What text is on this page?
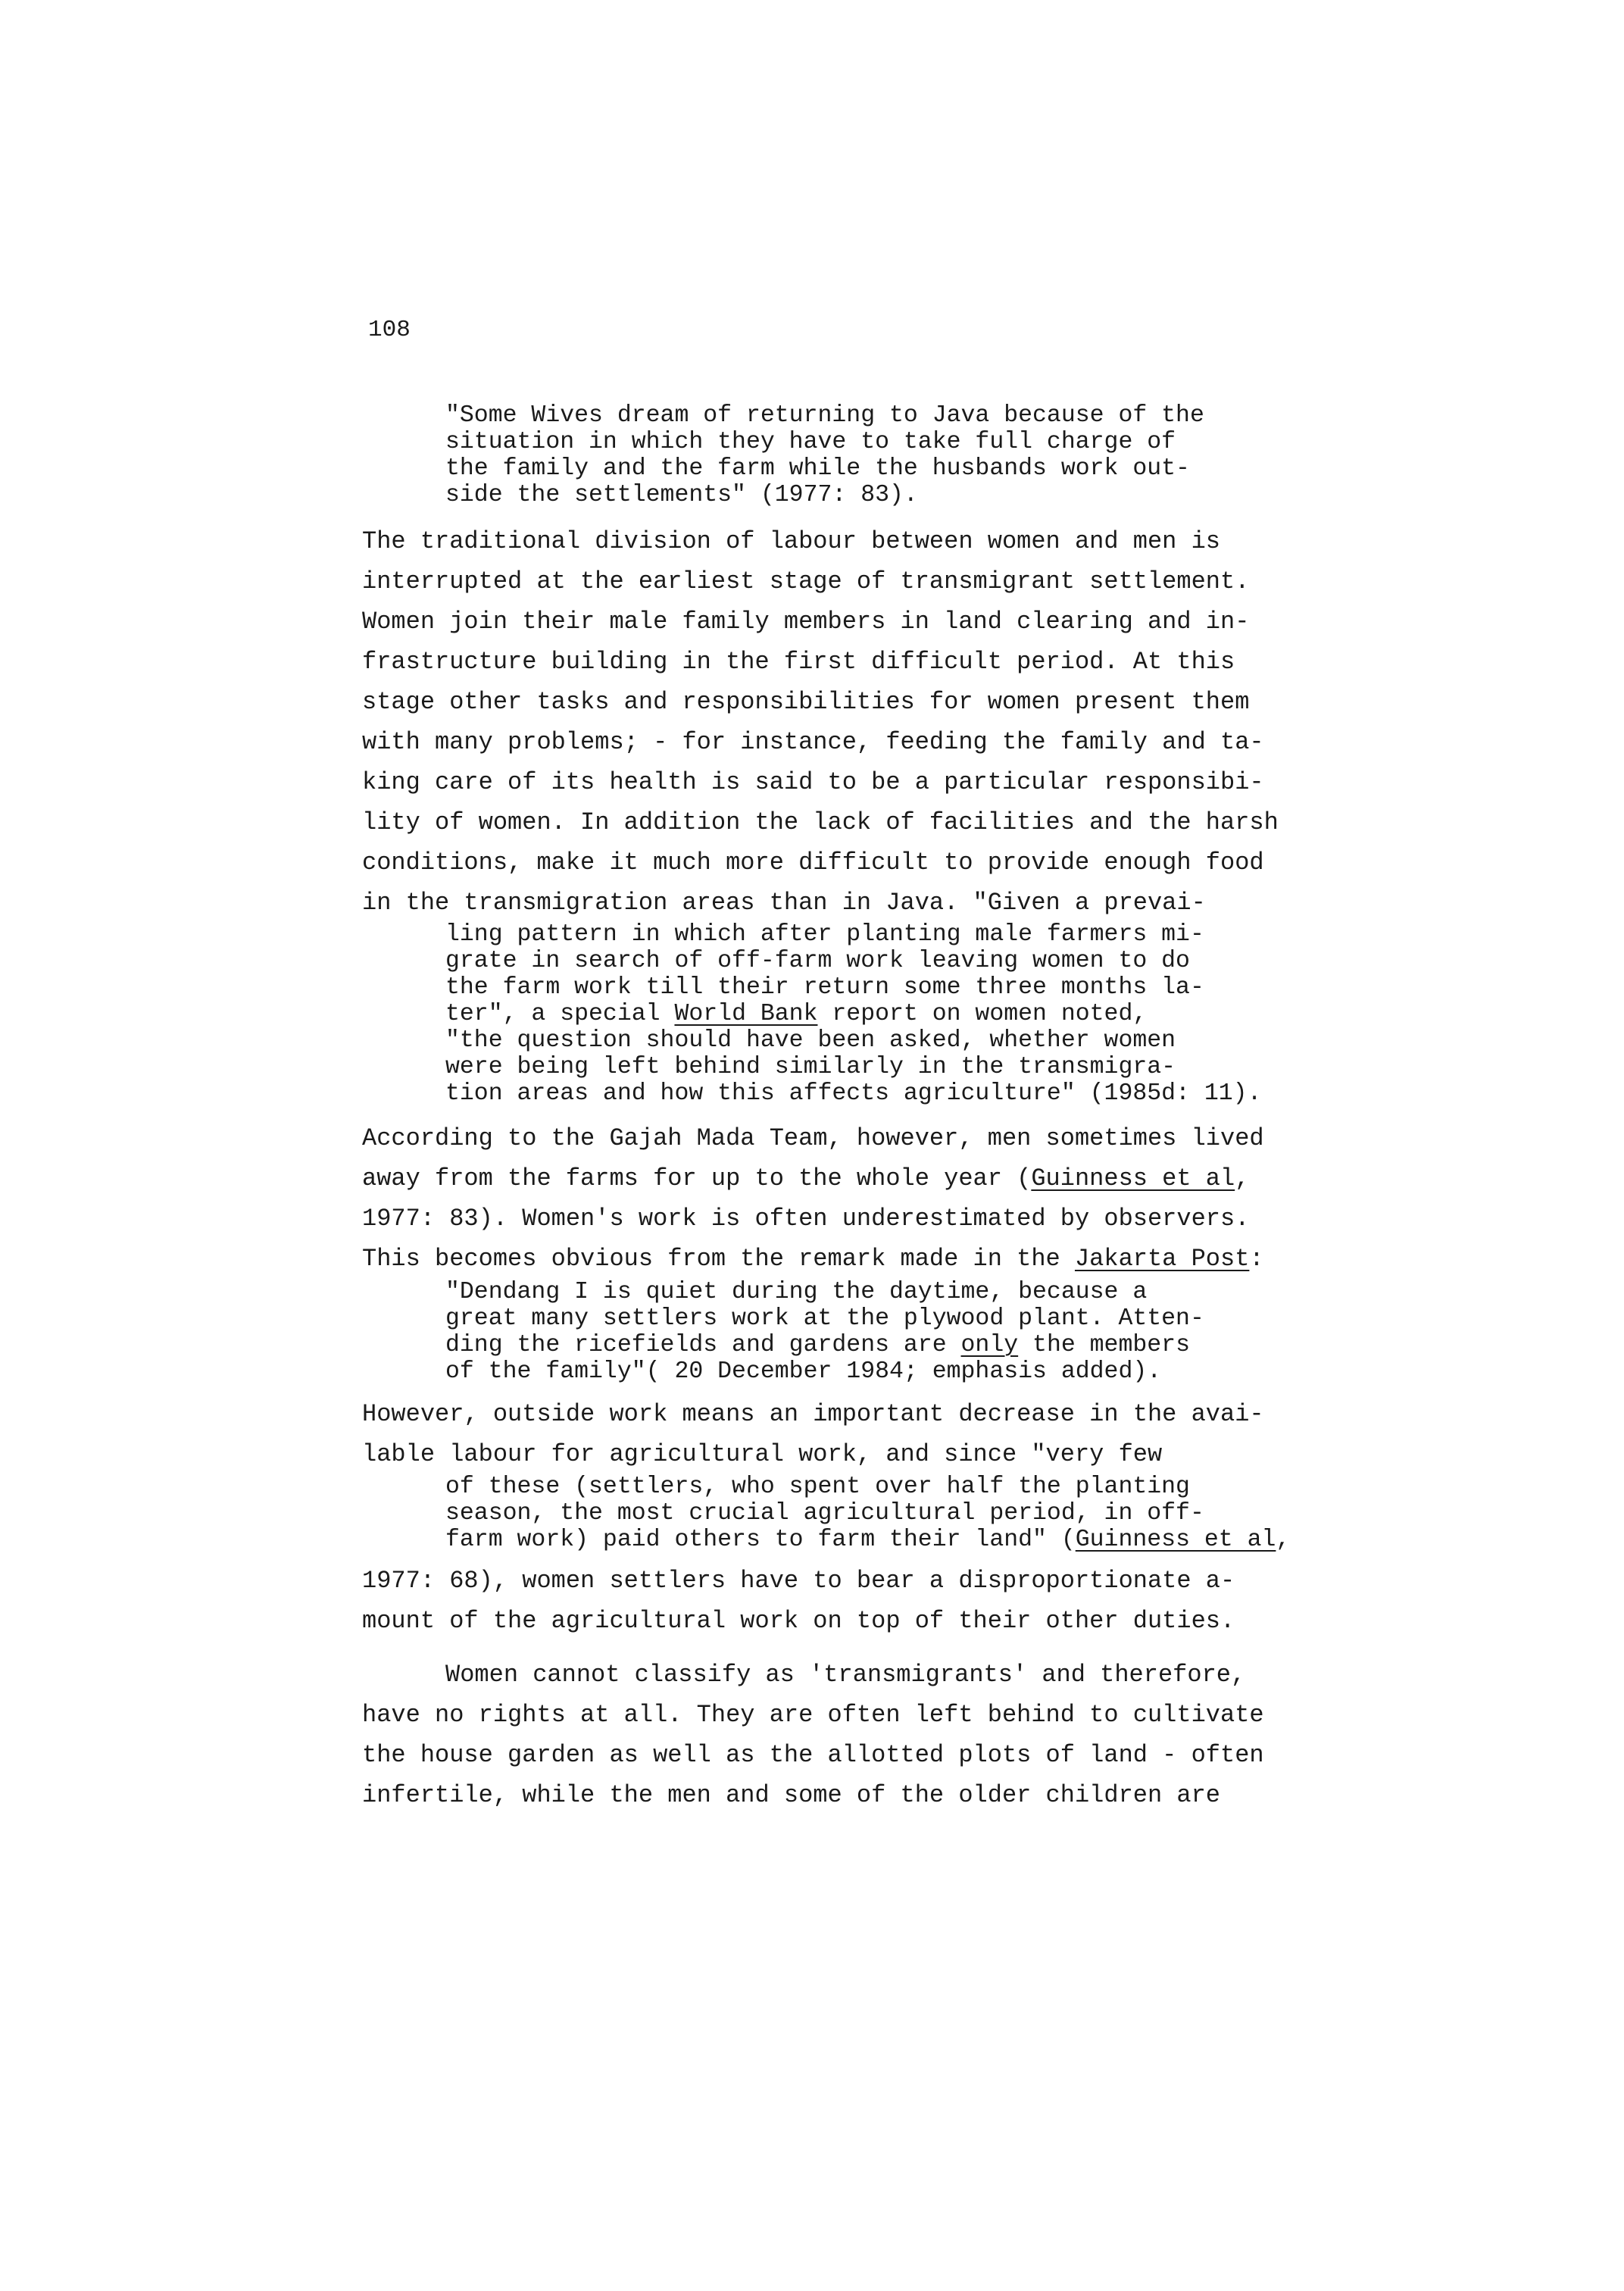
108
"Some Wives dream of returning to Java because of the
situation in which they have to take full charge of
the family and the farm while the husbands work out-
side the settlements" (1977: 83).
The traditional division of labour between women and men is
interrupted at the earliest stage of transmigrant settlement.
Women join their male family members in land clearing and in-
frastructure building in the first difficult period. At this
stage other tasks and responsibilities for women present them
with many problems; - for instance, feeding the family and ta-
king care of its health is said to be a particular responsibi-
lity of women. In addition the lack of facilities and the harsh
conditions, make it much more difficult to provide enough food
in the transmigration areas than in Java. "Given a prevai-
ling pattern in which after planting male farmers mi-
grate in search of off-farm work leaving women to do
the farm work till their return some three months la-
ter", a special World Bank report on women noted,
"the question should have been asked, whether women
were being left behind similarly in the transmigra-
tion areas and how this affects agriculture" (1985d: 11).
According to the Gajah Mada Team, however, men sometimes lived
away from the farms for up to the whole year (Guinness et al,
1977: 83). Women's work is often underestimated by observers.
This becomes obvious from the remark made in the Jakarta Post:
"Dendang I is quiet during the daytime, because a
great many settlers work at the plywood plant. Atten-
ding the ricefields and gardens are only the members
of the family"( 20 December 1984; emphasis added).
However, outside work means an important decrease in the avai-
lable labour for agricultural work, and since "very few
of these (settlers, who spent over half the planting
season, the most crucial agricultural period, in off-
farm work) paid others to farm their land" (Guinness et al,
1977: 68), women settlers have to bear a disproportionate a-
mount of the agricultural work on top of their other duties.
Women cannot classify as 'transmigrants' and therefore,
have no rights at all. They are often left behind to cultivate
the house garden as well as the allotted plots of land - often
infertile, while the men and some of the older children are
